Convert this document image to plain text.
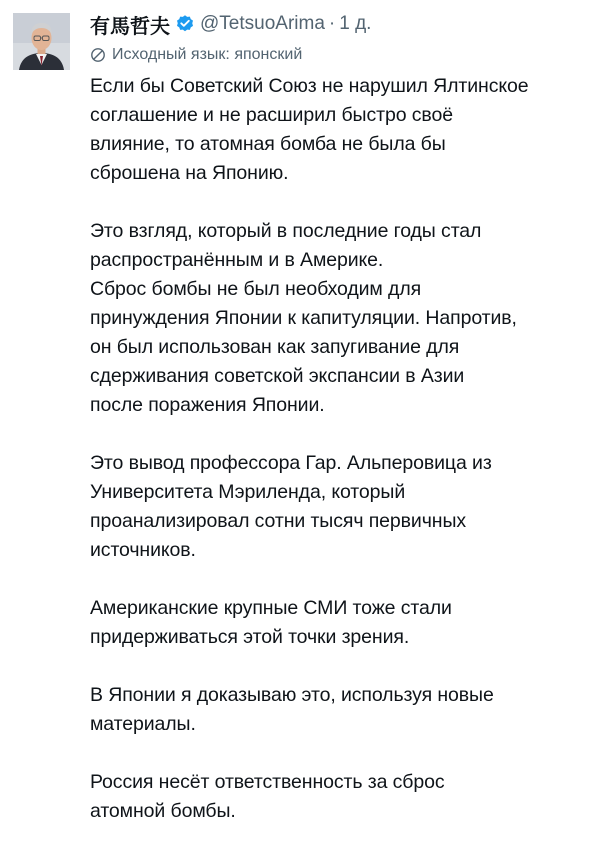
有馬哲夫 @TetsuoArima · 1 д.
Исходный язык: японский
Если бы Советский Союз не нарушил Ялтинское
соглашение и не расширил быстро своё
влияние, то атомная бомба не была бы
сброшена на Японию.
Это взгляд, который в последние годы стал
распространённым и в Америке.
Сброс бомбы не был необходим для
принуждения Японии к капитуляции. Напротив,
он был использован как запугивание для
сдерживания советской экспансии в Азии
после поражения Японии.
Это вывод профессора Гар. Альперовица из
Университета Мэриленда, который
проанализировал сотни тысяч первичных
источников.
Американские крупные СМИ тоже стали
придерживаться этой точки зрения.
В Японии я доказываю это, используя новые
материалы.
Россия несёт ответственность за сброс
атомной бомбы.
